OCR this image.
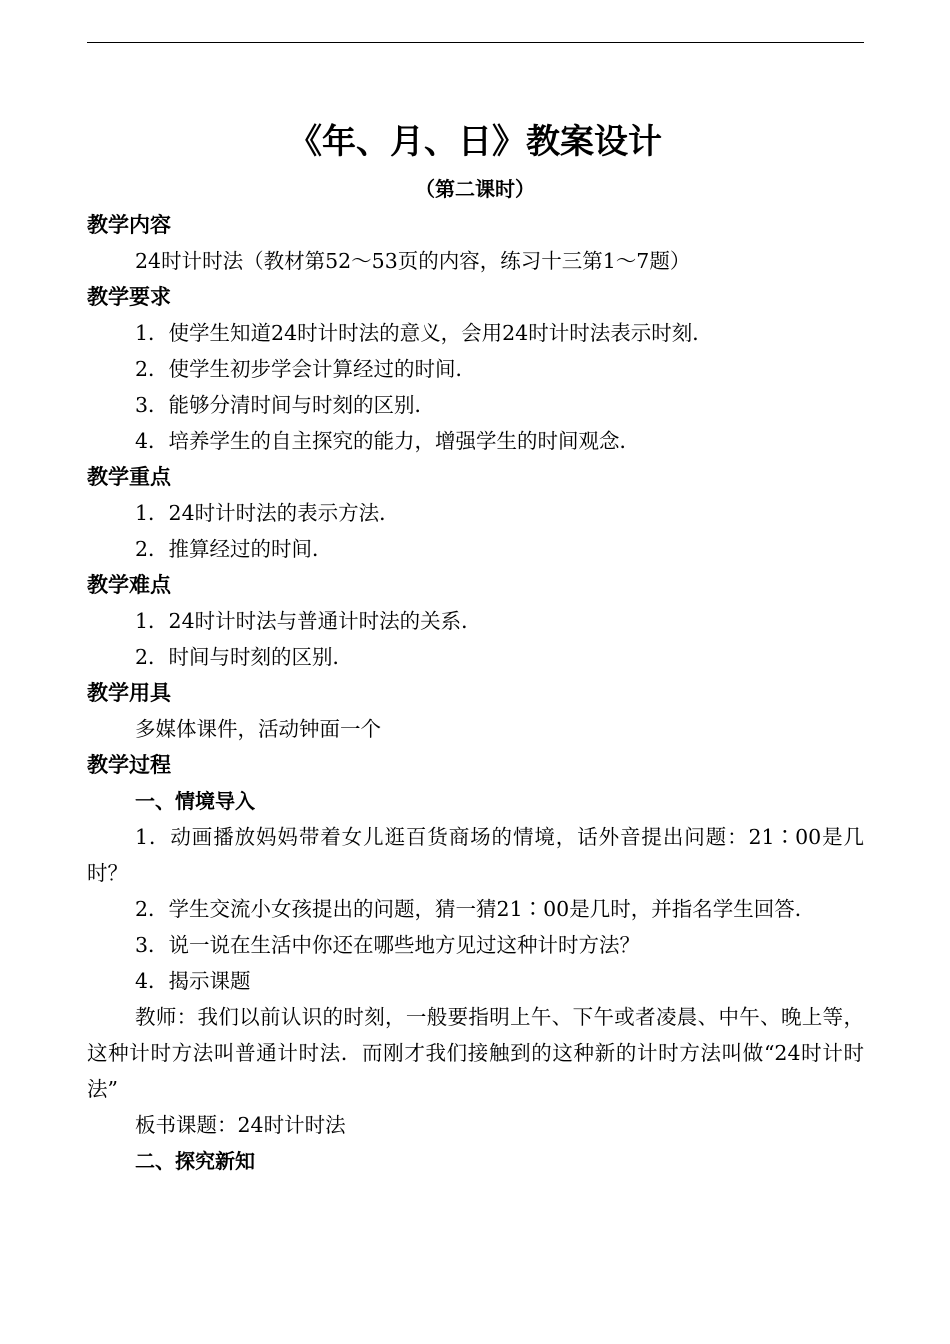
《年、月、日》教案设计
（第二课时）
教学内容
24时计时法（教材第52～53页的内容，练习十三第1～7题）
教学要求
1．使学生知道24时计时法的意义，会用24时计时法表示时刻．
2．使学生初步学会计算经过的时间．
3．能够分清时间与时刻的区别．
4．培养学生的自主探究的能力，增强学生的时间观念．
教学重点
1．24时计时法的表示方法．
2．推算经过的时间．
教学难点
1．24时计时法与普通计时法的关系．
2．时间与时刻的区别．
教学用具
多媒体课件，活动钟面一个
教学过程
一、情境导入
1．动画播放妈妈带着女儿逛百货商场的情境，话外音提出问题：21∶00是几时？
2．学生交流小女孩提出的问题，猜一猜21∶00是几时，并指名学生回答．
3．说一说在生活中你还在哪些地方见过这种计时方法？
4．揭示课题
教师：我们以前认识的时刻，一般要指明上午、下午或者凌晨、中午、晚上等，这种计时方法叫普通计时法．而刚才我们接触到的这种新的计时方法叫做“24时计时法”
板书课题：24时计时法
二、探究新知
